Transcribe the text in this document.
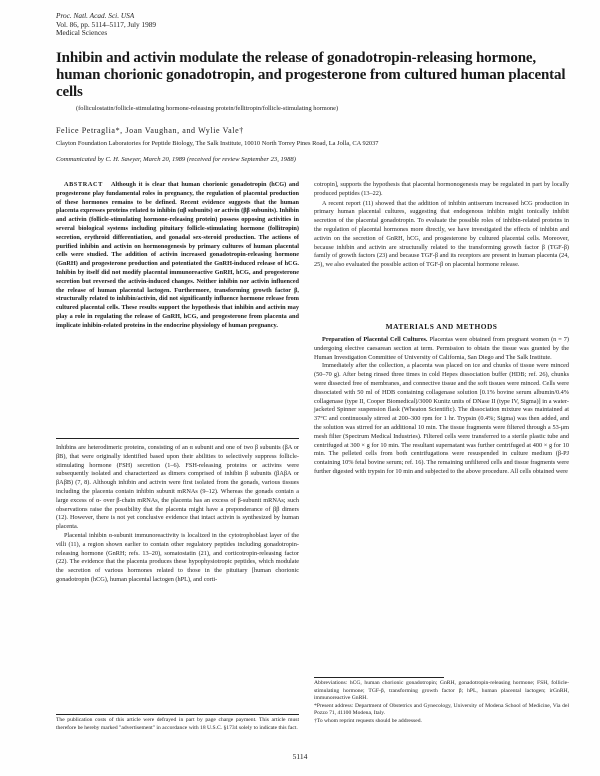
Proc. Natl. Acad. Sci. USA
Vol. 86, pp. 5114–5117, July 1989
Medical Sciences
Inhibin and activin modulate the release of gonadotropin-releasing hormone, human chorionic gonadotropin, and progesterone from cultured human placental cells
(folliculostatin/follicle-stimulating hormone-releasing protein/fellitropin/follicle-stimulating hormone)
Felice Petraglia*, Joan Vaughan, and Wylie Vale†
Clayton Foundation Laboratories for Peptide Biology, The Salk Institute, 10010 North Torrey Pines Road, La Jolla, CA 92037
Communicated by C. H. Sawyer, March 20, 1989 (received for review September 23, 1988)

ABSTRACT Although it is clear that human chorionic gonadotropin (hCG) and progesterone play fundamental roles in pregnancy, the regulation of placental production of these hormones remains to be defined. Recent evidence suggests that the human placenta expresses proteins related to inhibin (αβ subunits) or activin (ββ subunits). Inhibin and activin (follicle-stimulating hormone-releasing protein) possess opposing activities in several biological systems including pituitary follicle-stimulating hormone (follitropin) secretion, erythroid differentiation, and gonadal sex-steroid production. The actions of purified inhibin and activin on hormonogenesis by primary cultures of human placental cells were studied. The addition of activin increased gonadotropin-releasing hormone (GnRH) and progesterone production and potentiated the GnRH-induced release of hCG. Inhibin by itself did not modify placental immunoreactive GnRH, hCG, and progesterone secretion but reversed the activin-induced changes. Neither inhibin nor activin influenced the release of human placental lactogen. Furthermore, transforming growth factor β, structurally related to inhibin/activin, did not significantly influence hormone release from cultured placental cells. These results support the hypothesis that inhibin and activin may play a role in regulating the release of GnRH, hCG, and progesterone from placenta and implicate inhibin-related proteins in the endocrine physiology of human pregnancy.

Inhibins are heterodimeric proteins, consisting of an α subunit and one of two β subunits (βA or βB), that were originally identified based upon their abilities to selectively suppress follicle-stimulating hormone (FSH) secretion (1–6). FSH-releasing proteins or activins were subsequently isolated and characterized as dimers comprised of inhibin β subunits (βAβA or βAβB) (7, 8). Although inhibin and activin were first isolated from the gonads, various tissues including the placenta contain inhibin subunit mRNAs (9–12). Whereas the gonads contain a large excess of α- over β-chain mRNAs, the placenta has an excess of β-subunit mRNAs; such observations raise the possibility that the placenta might have a preponderance of ββ dimers (12). However, there is not yet conclusive evidence that intact activin is synthesized by human placenta.

Placental inhibin α-subunit immunoreactivity is localized in the cytotrophoblast layer of the villi (11), a region shown earlier to contain other regulatory peptides including gonadotropin-releasing hormone (GnRH; refs. 13–20), somatostatin (21), and corticotropin-releasing factor (22). The evidence that the placenta produces these hypophysiotropic peptides, which modulate the secretion of various hormones related to those in the pituitary [human chorionic gonadotropin (hCG), human placental lactogen (hPL), and corti-

The publication costs of this article were defrayed in part by page charge payment. This article must therefore be hereby marked "advertisement" in accordance with 18 U.S.C. §1734 solely to indicate this fact.

cotropin], supports the hypothesis that placental hormonogenesis may be regulated in part by locally produced peptides (13–22).

A recent report (11) showed that the addition of inhibin antiserum increased hCG production in primary human placental cultures, suggesting that endogenous inhibin might tonically inhibit secretion of the placental gonadotropin. To evaluate the possible roles of inhibin-related proteins in the regulation of placental hormones more directly, we have investigated the effects of inhibin and activin on the secretion of GnRH, hCG, and progesterone by cultured placental cells. Moreover, because inhibin and activin are structurally related to the transforming growth factor β (TGF-β) family of growth factors (23) and because TGF-β and its receptors are present in human placenta (24, 25), we also evaluated the possible action of TGF-β on placental hormone release.

MATERIALS AND METHODS

Preparation of Placental Cell Cultures. Placentas were obtained from pregnant women (n = 7) undergoing elective caesarean section at term. Permission to obtain the tissue was granted by the Human Investigation Committee of University of California, San Diego and The Salk Institute.

Immediately after the collection, a placenta was placed on ice and chunks of tissue were minced (50–70 g). After being rinsed three times in cold Hepes dissociation buffer (HDB; ref. 26), chunks were dissected free of membranes, and connective tissue and the soft tissues were minced. Cells were dissociated with 50 ml of HDB containing collagenase solution [0.1% bovine serum albumin/0.4% collagenase (type II, Cooper Biomedical)/3000 Kunitz units of DNase II (type IV, Sigma)] in a water-jacketed Spinner suspension flask (Wheaton Scientific). The dissociation mixture was maintained at 37°C and continuously stirred at 200–300 rpm for 1 hr. Trypsin (0.4%; Sigma) was then added, and the solution was stirred for an additional 10 min. The tissue fragments were filtered through a 53-μm mesh filter (Spectrum Medical Industries). Filtered cells were transferred to a sterile plastic tube and centrifuged at 300 × g for 10 min. The resultant supernatant was further centrifuged at 400 × g for 10 min. The pelleted cells from both centrifugations were resuspended in culture medium (β-PJ containing 10% fetal bovine serum; ref. 16). The remaining unfiltered cells and tissue fragments were further digested with trypsin for 10 min and subjected to the above procedure. All cells obtained were

Abbreviations: hCG, human chorionic gonadotropin; GnRH, gonadotropin-releasing hormone; FSH, follicle-stimulating hormone; TGF-β, transforming growth factor β; hPL, human placental lactogen; irGnRH, immunoreactive GnRH.

*Present address: Department of Obstetrics and Gynecology, University of Modena School of Medicine, Via del Pozzo 71, 41100 Modena, Italy.

†To whom reprint requests should be addressed.

5114
